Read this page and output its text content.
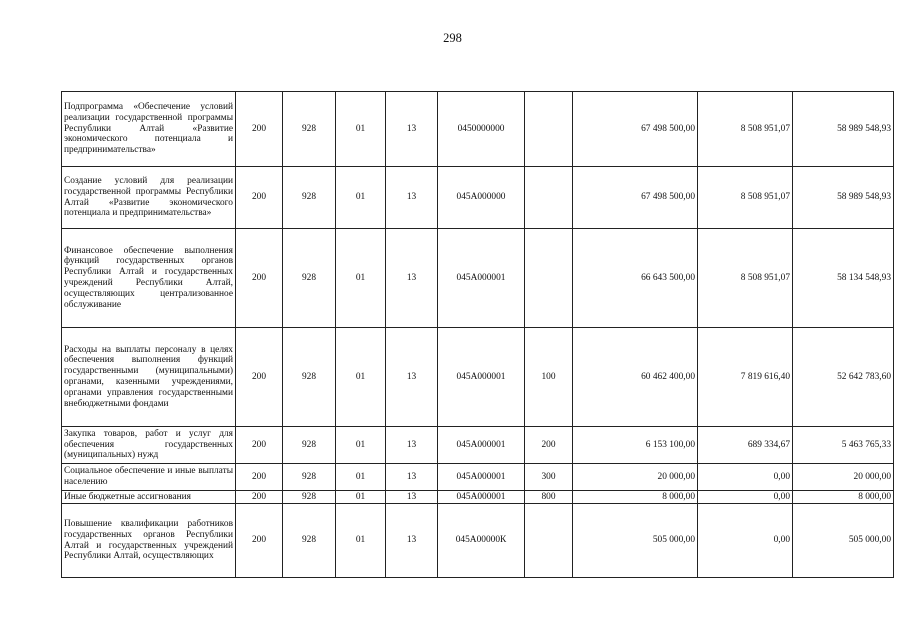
298
Подпрограмма «Обеспечение условий реализации государственной программы Республики Алтай «Развитие экономического потенциала и предпринимательства»	200	928	01	13	0450000000		67 498 500,00	8 508 951,07	58 989 548,93
Создание условий для реализации государственной программы Республики Алтай «Развитие экономического потенциала и предпринимательства»	200	928	01	13	045А000000		67 498 500,00	8 508 951,07	58 989 548,93
Финансовое обеспечение выполнения функций государственных органов Республики Алтай и государственных учреждений Республики Алтай, осуществляющих централизованное обслуживание	200	928	01	13	045А000001		66 643 500,00	8 508 951,07	58 134 548,93
Расходы на выплаты персоналу в целях обеспечения выполнения функций государственными (муниципальными) органами, казенными учреждениями, органами управления государственными внебюджетными фондами	200	928	01	13	045А000001	100	60 462 400,00	7 819 616,40	52 642 783,60
Закупка товаров, работ и услуг для обеспечения государственных (муниципальных) нужд	200	928	01	13	045А000001	200	6 153 100,00	689 334,67	5 463 765,33
Социальное обеспечение и иные выплаты населению	200	928	01	13	045А000001	300	20 000,00	0,00	20 000,00
Иные бюджетные ассигнования	200	928	01	13	045А000001	800	8 000,00	0,00	8 000,00
Повышение квалификации работников государственных органов Республики Алтай и государственных учреждений Республики Алтай, осуществляющих	200	928	01	13	045А00000К		505 000,00	0,00	505 000,00
